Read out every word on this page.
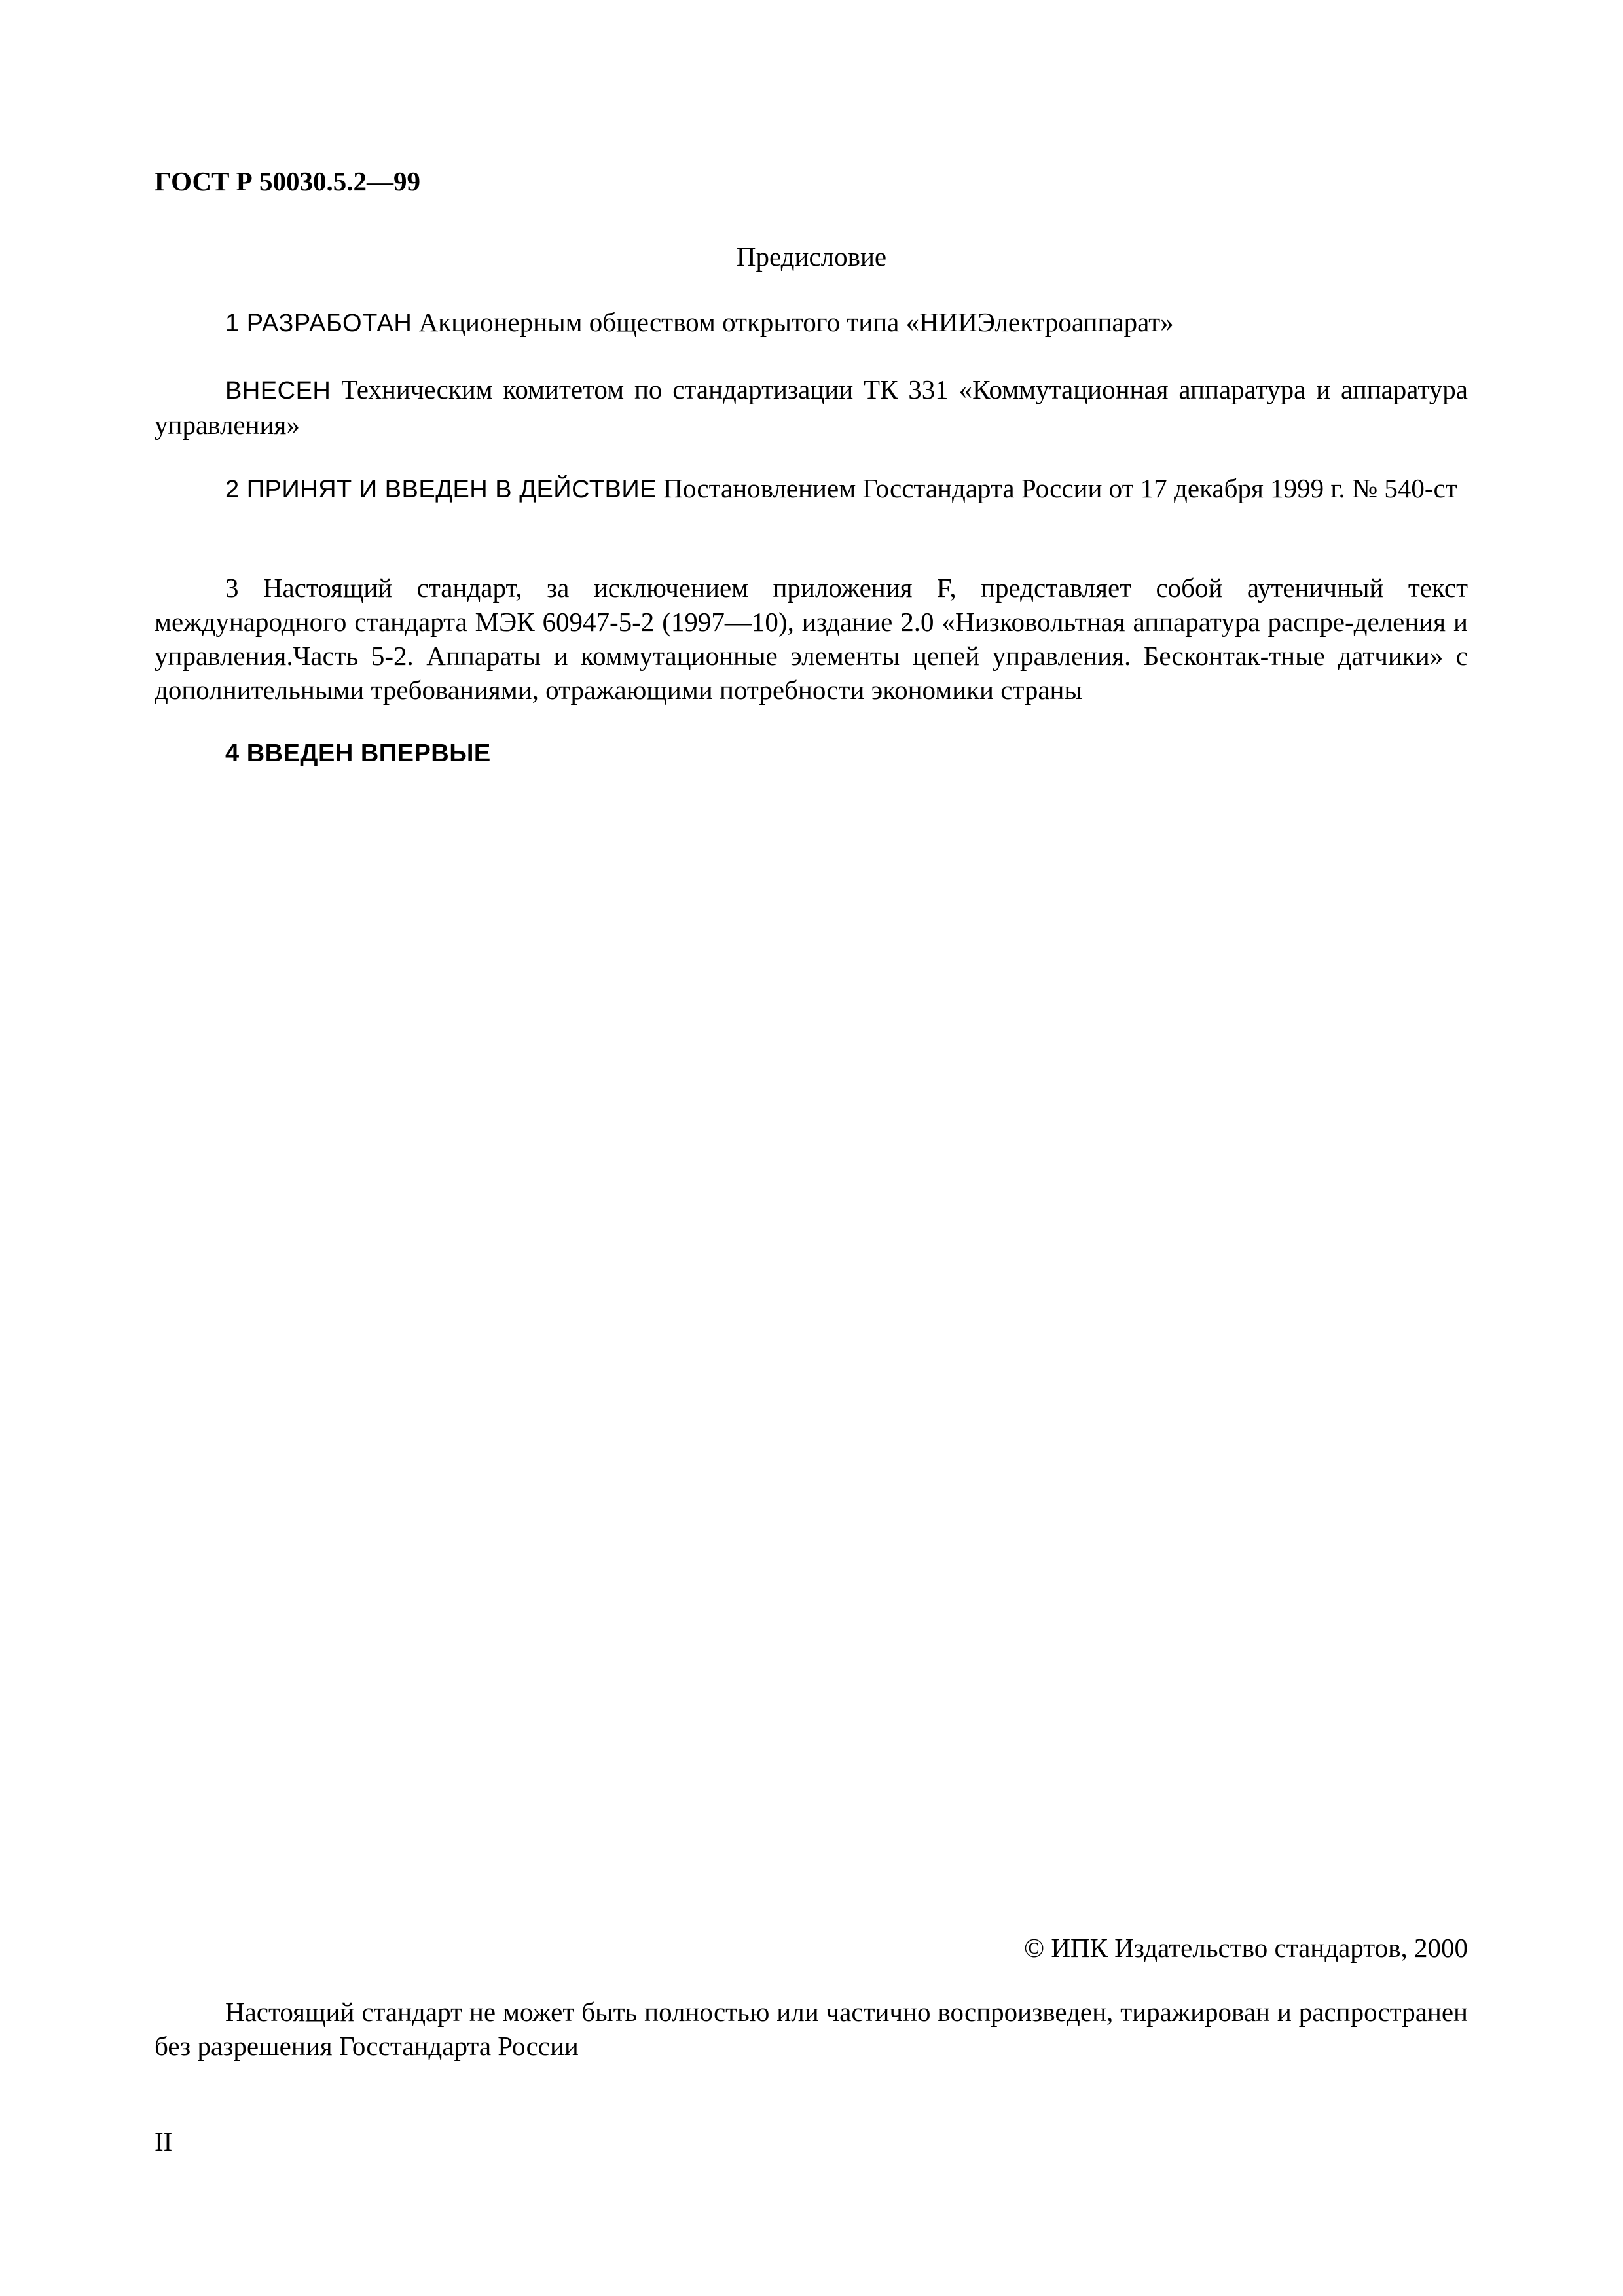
ГОСТ Р 50030.5.2—99
Предисловие

1 РАЗРАБОТАН Акционерным обществом открытого типа «НИИЭлектроаппарат»

ВНЕСЕН Техническим комитетом по стандартизации ТК 331 «Коммутационная аппаратура и аппаратура управления»

2 ПРИНЯТ И ВВЕДЕН В ДЕЙСТВИЕ Постановлением Госстандарта России от 17 декабря 1999 г. № 540-ст

3 Настоящий стандарт, за исключением приложения F, представляет собой аутеничный текст международного стандарта МЭК 60947-5-2 (1997—10), издание 2.0 «Низковольтная аппаратура распре-деления и управления.Часть 5-2. Аппараты и коммутационные элементы цепей управления. Бесконтак-тные датчики» с дополнительными требованиями, отражающими потребности экономики страны

4 ВВЕДЕН ВПЕРВЫЕ

© ИПК Издательство стандартов, 2000

Настоящий стандарт не может быть полностью или частично воспроизведен, тиражирован и распространен без разрешения Госстандарта России

II
